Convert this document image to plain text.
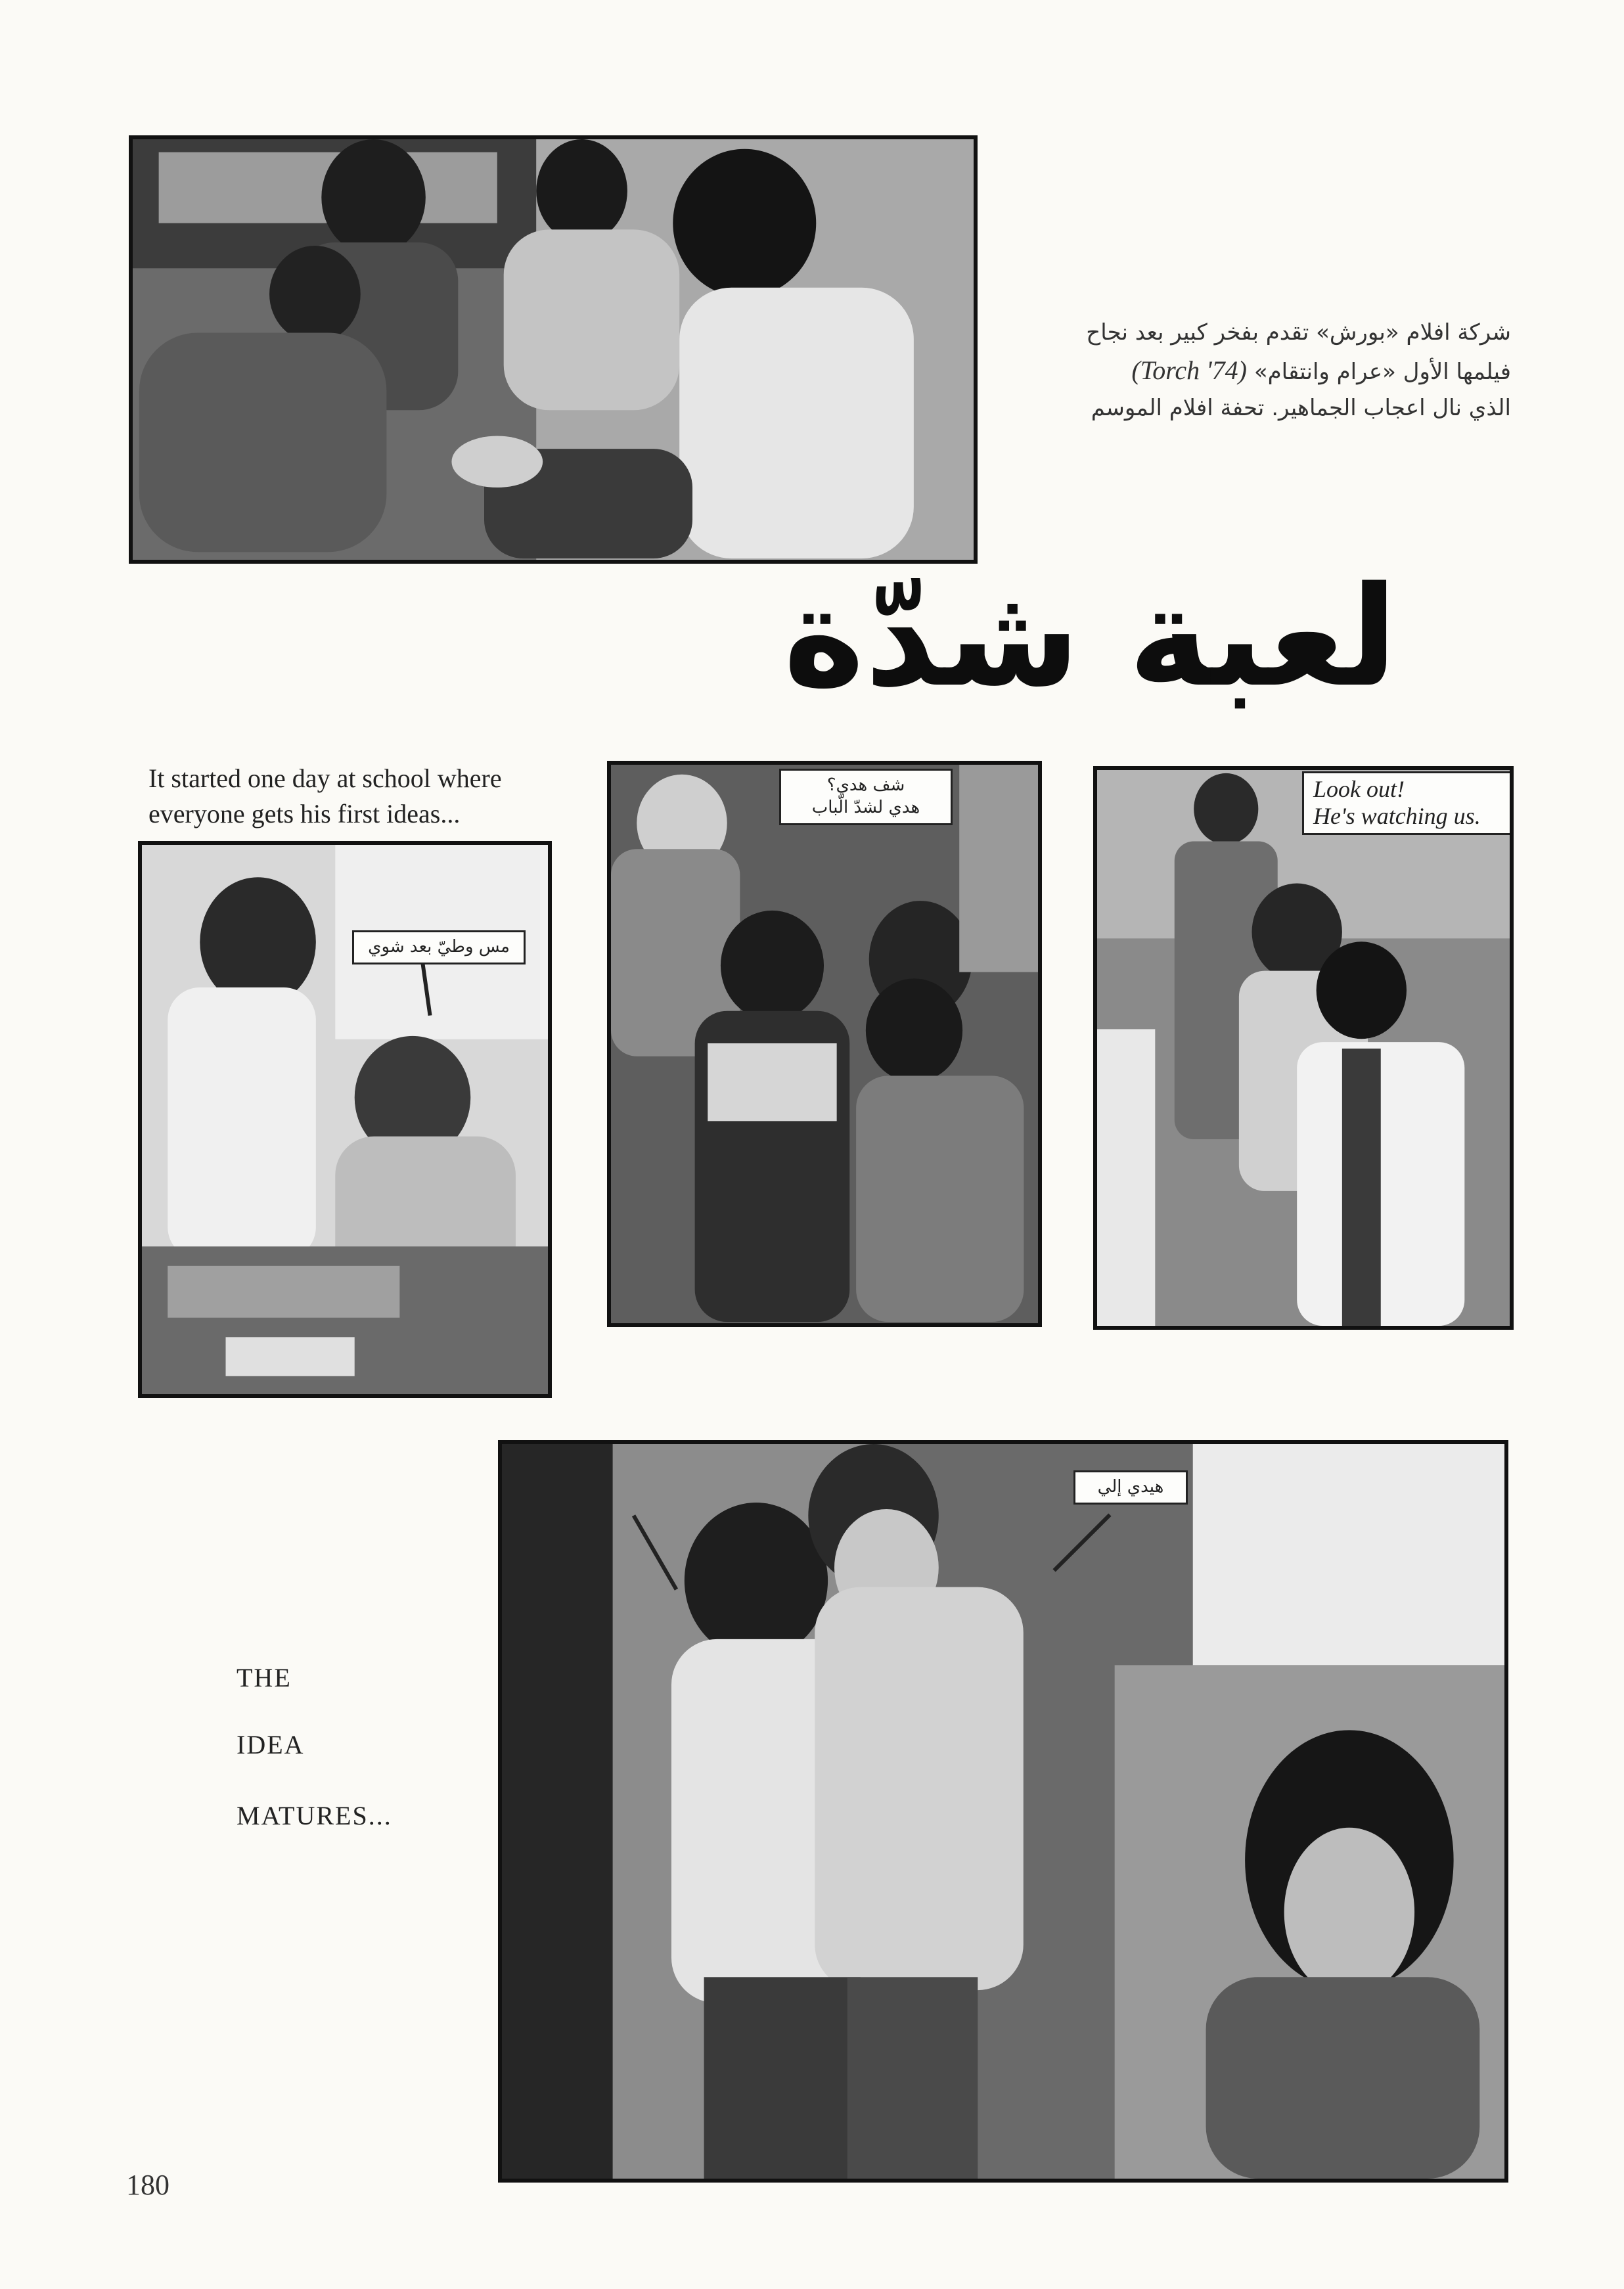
شركة افلام «بورش» تقدم بفخر كبير بعد نجاح
فيلمها الأول «عرام وانتقام» (Torch '74)
الذي نال اعجاب الجماهير. تحفة افلام الموسم
لعبة شدّة
It started one day at school where everyone gets his first ideas...
مس وطيّ بعد شوي
شف هدي؟
هدي لشدّ الّباب
Look out!
He's watching us.
هيدي إلي
THE
IDEA
MATURES...
180
